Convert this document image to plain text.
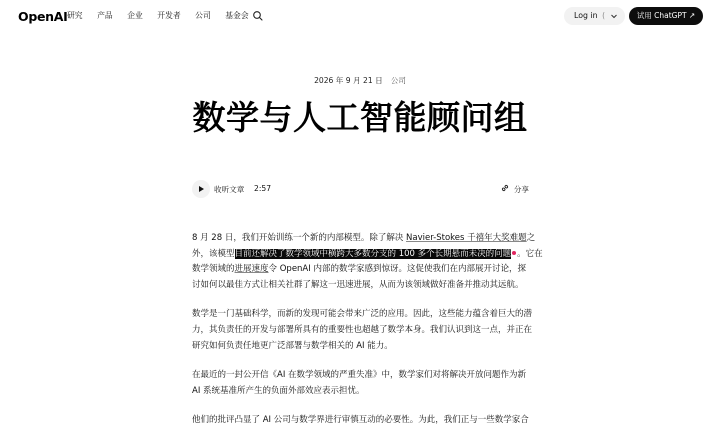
OpenAI 研究 产品 企业 开发者 公司 基金会	Log in (	试用 ChatGPT ↗
2026 年 9 月 21 日 公司
数学与人工智能顾问组
收听文章 2:57	分享

8 月 28 日，我们开始训练一个新的内部模型。除了解决 Navier-Stokes 千禧年大奖难题之
外，该模型目前还解决了数学领域中横跨大多数分支的 100 多个长期悬而未决的问题 。它在
数学领域的进展速度令 OpenAI 内部的数学家感到惊讶。这促使我们在内部展开讨论，探
讨如何以最佳方式让相关社群了解这一迅速进展，从而为该领域做好准备并推动其远航。

数学是一门基础科学，而新的发现可能会带来广泛的应用。因此，这些能力蕴含着巨大的潜
力，其负责任的开发与部署所具有的重要性也超越了数学本身。我们认识到这一点，并正在
研究如何负责任地更广泛部署与数学相关的 AI 能力。

在最近的一封公开信《AI 在数学领域的严重失准》中，数学家们对将解决开放问题作为新
AI 系统基准所产生的负面外部效应表示担忧。

他们的批评凸显了 AI 公司与数学界进行审慎互动的必要性。为此，我们正与一些数学家合
